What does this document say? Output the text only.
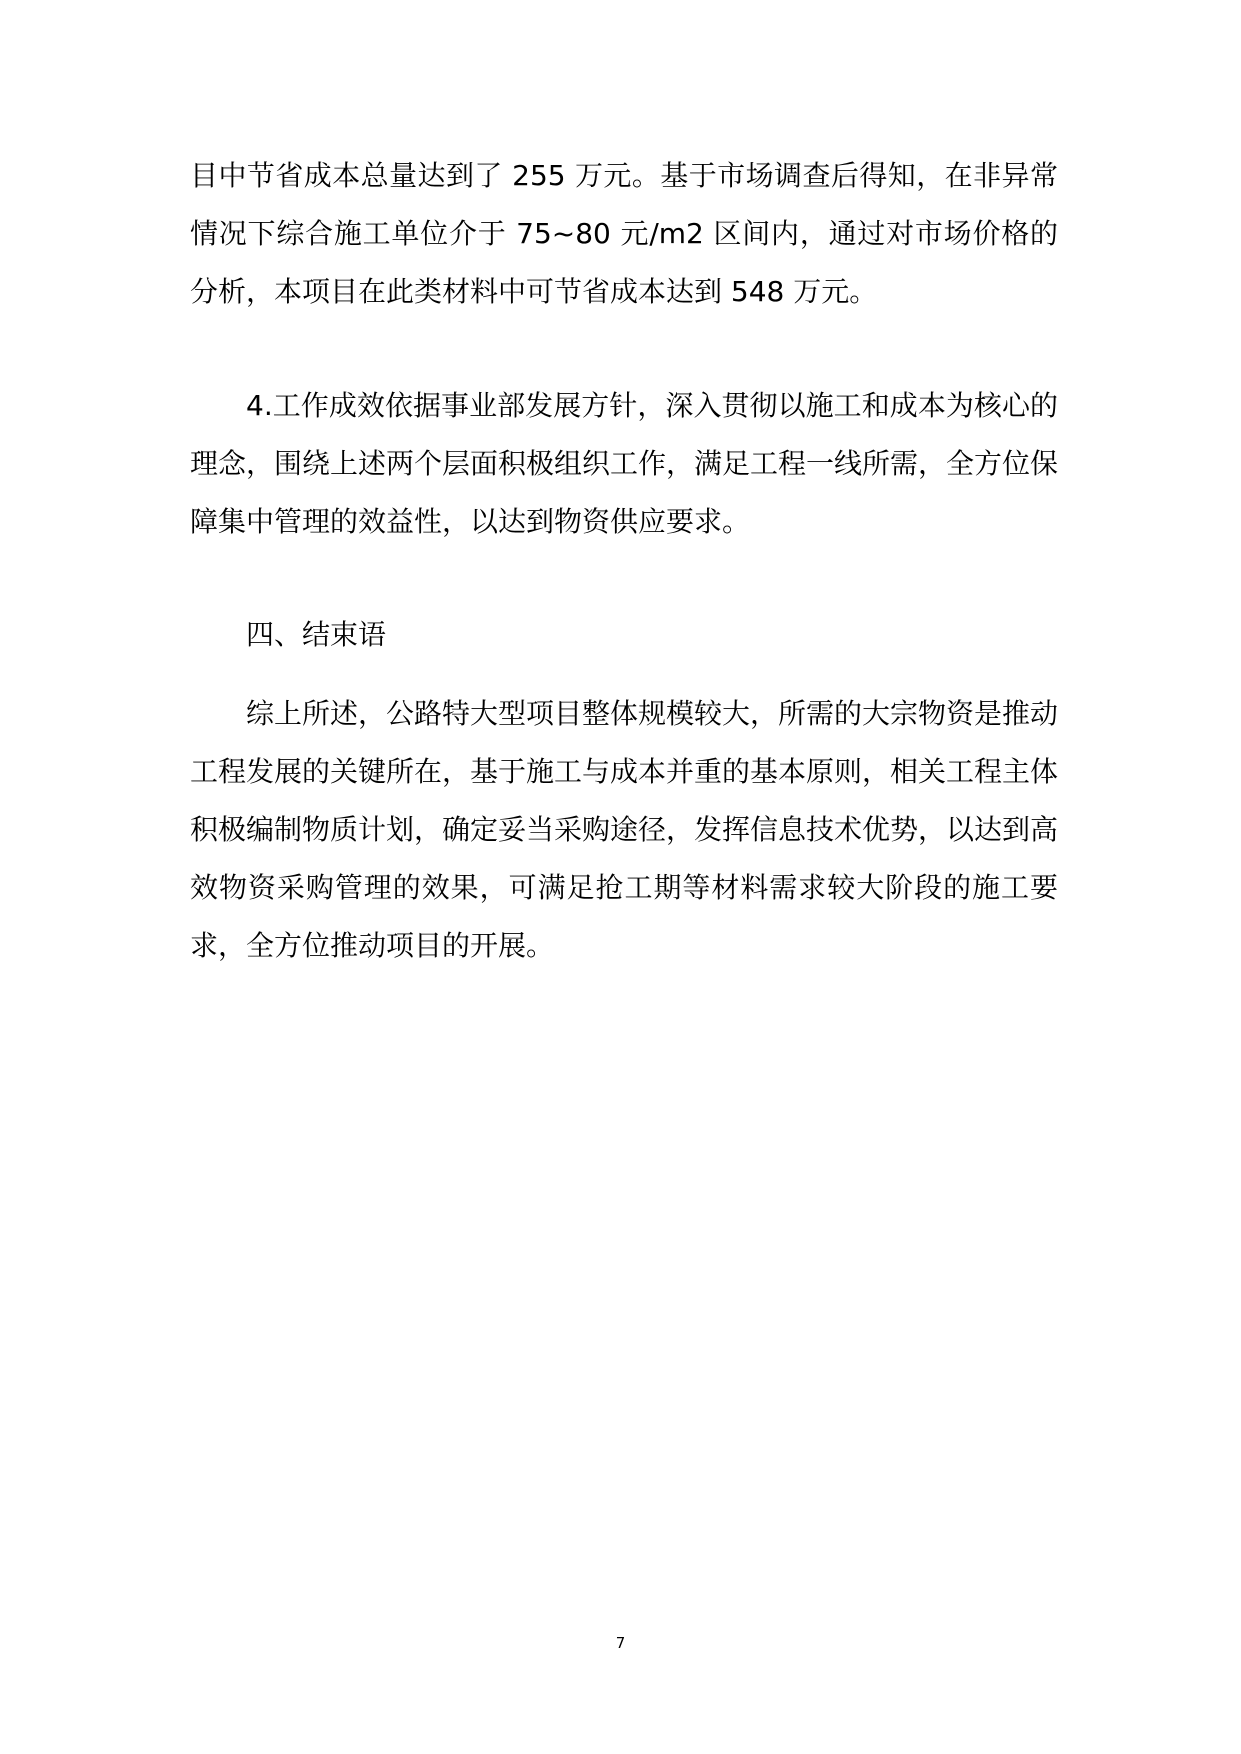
目中节省成本总量达到了 255 万元。基于市场调查后得知，在非异常情况下综合施工单位介于 75~80 元/m2 区间内，通过对市场价格的分析，本项目在此类材料中可节省成本达到 548 万元。

4.工作成效依据事业部发展方针，深入贯彻以施工和成本为核心的理念，围绕上述两个层面积极组织工作，满足工程一线所需，全方位保障集中管理的效益性，以达到物资供应要求。

四、结束语

综上所述，公路特大型项目整体规模较大，所需的大宗物资是推动工程发展的关键所在，基于施工与成本并重的基本原则，相关工程主体积极编制物质计划，确定妥当采购途径，发挥信息技术优势，以达到高效物资采购管理的效果，可满足抢工期等材料需求较大阶段的施工要求，全方位推动项目的开展。

7
